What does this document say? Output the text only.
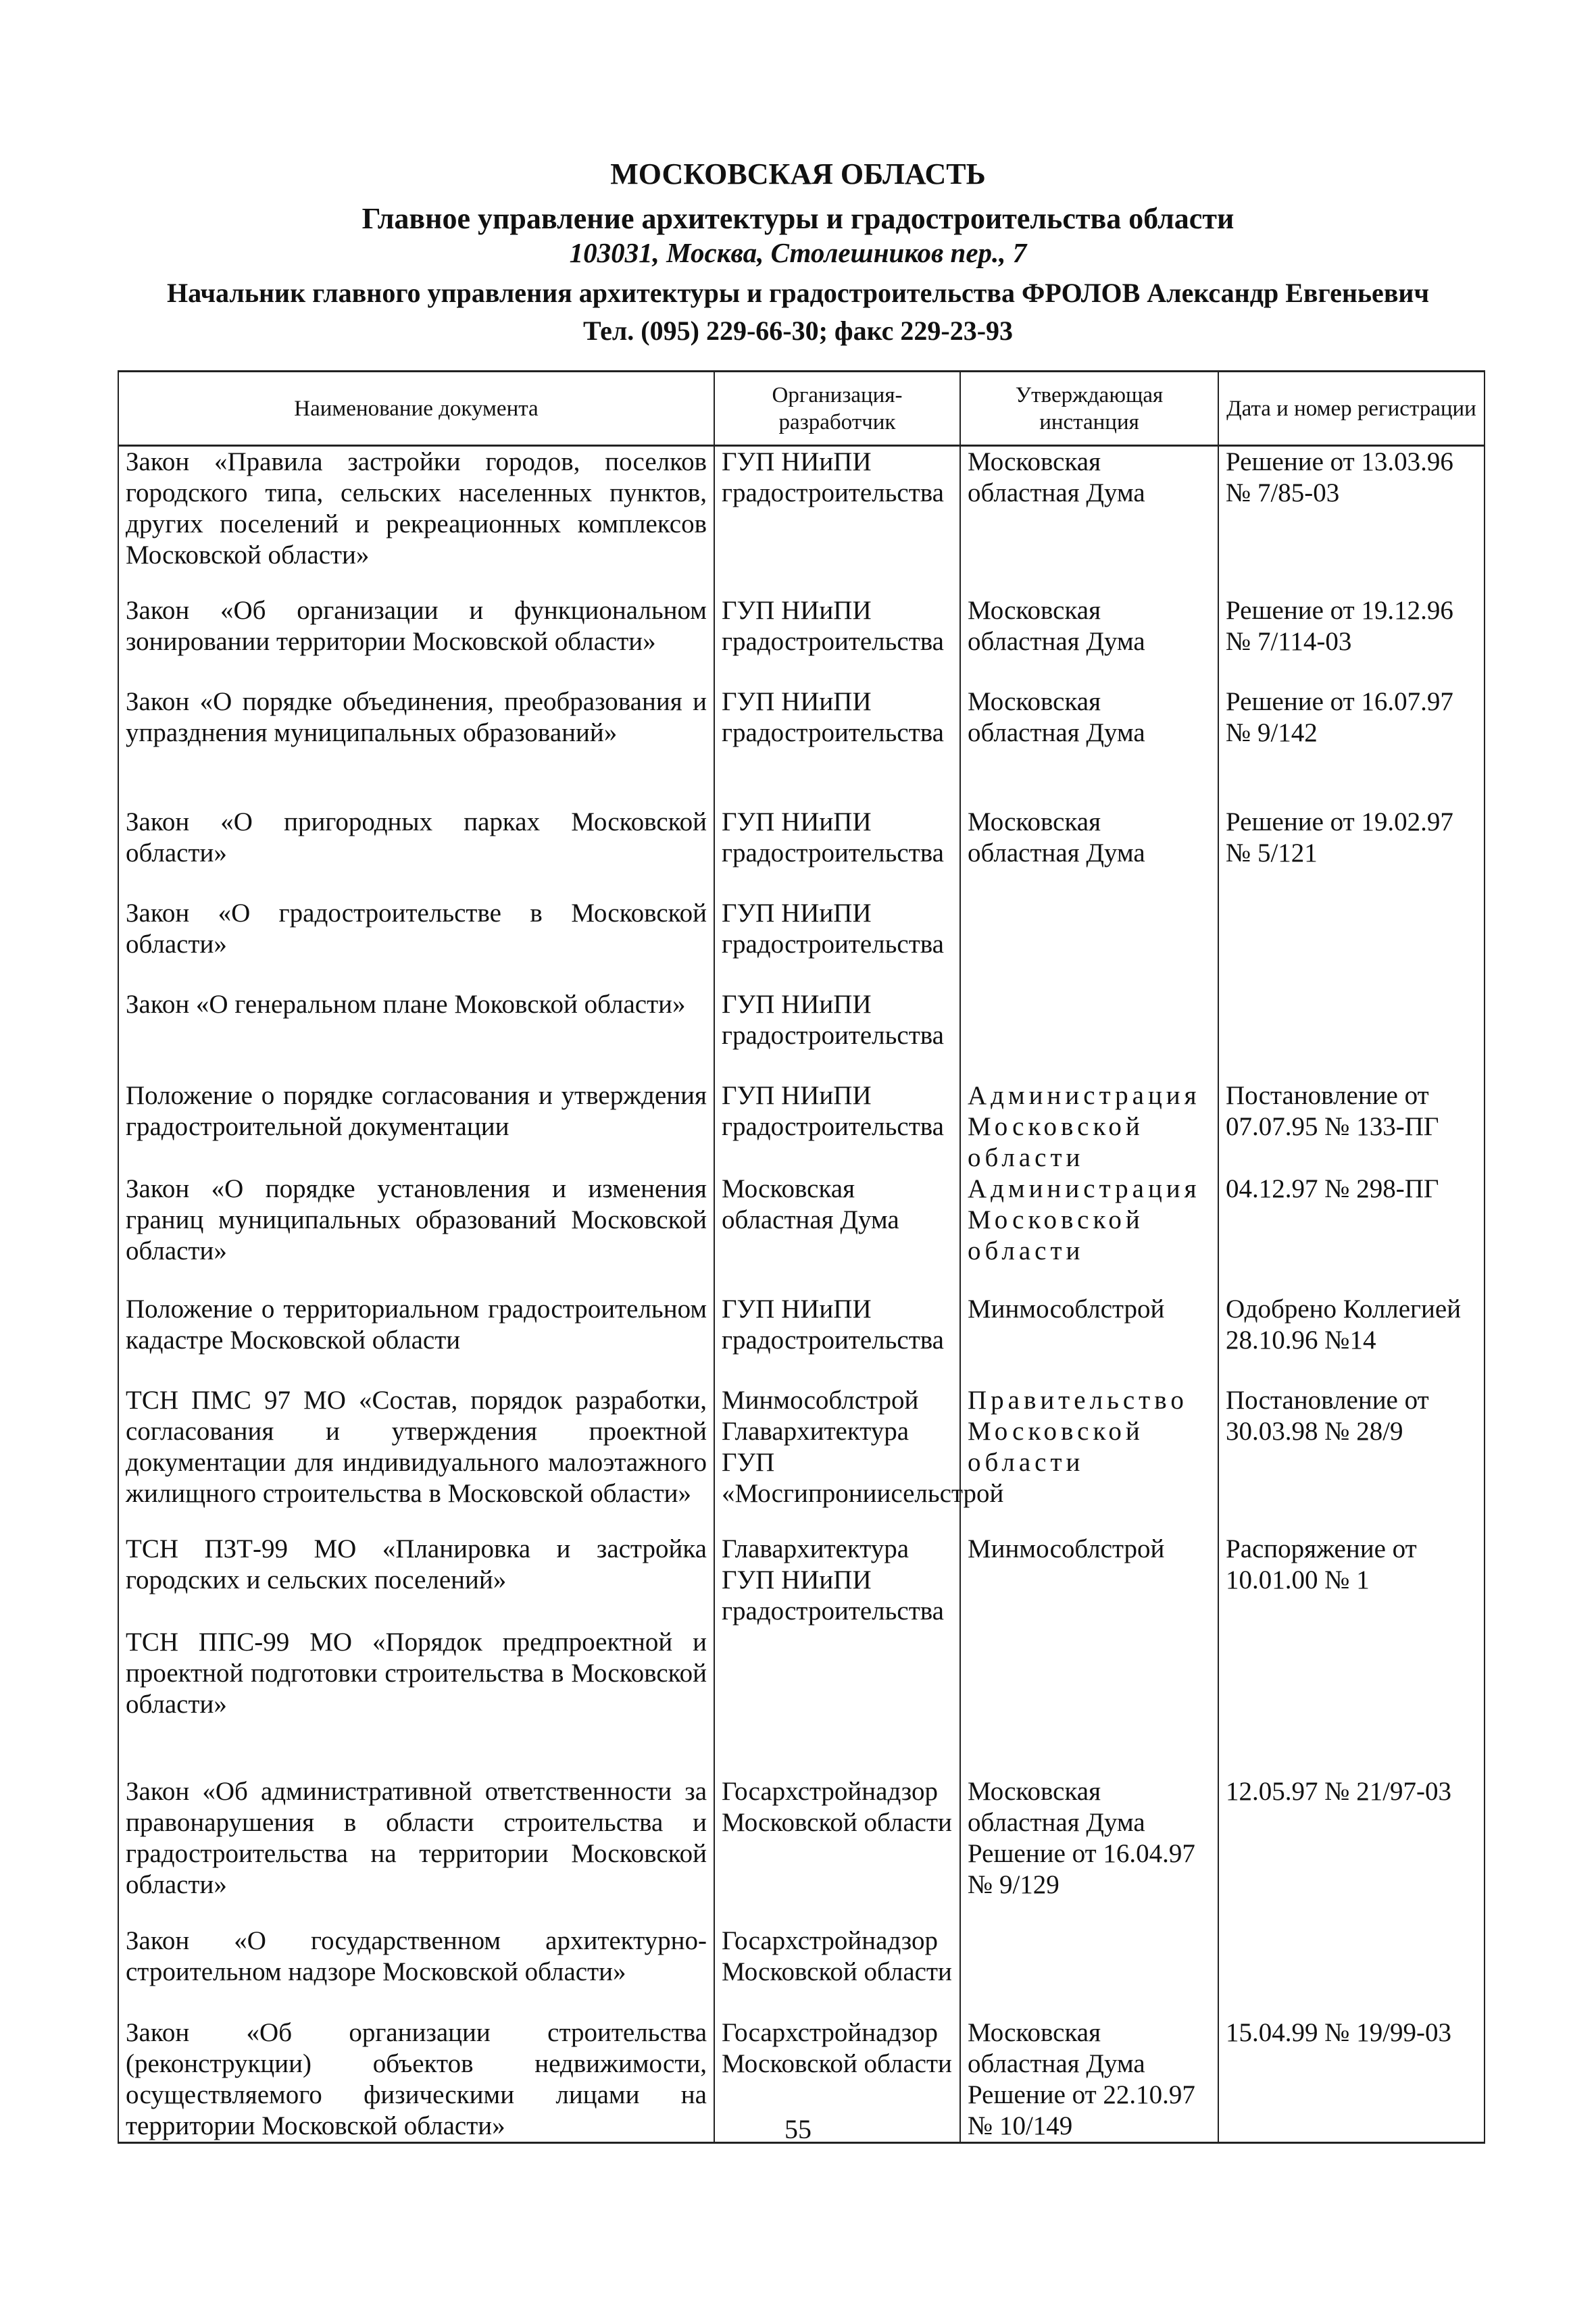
МОСКОВСКАЯ ОБЛАСТЬ
Главное управление архитектуры и градостроительства области
103031, Москва, Столешников пер., 7
Начальник главного управления архитектуры и градостроительства ФРОЛОВ Александр Евгеньевич
Тел. (095) 229-66-30; факс 229-23-93
Наименование документа	Организация-разработчик	Утверждающая инстанция	Дата и номер регистрации
Закон «Правила застройки городов, поселков городского типа, сельских населенных пунктов, других поселений и рекреационных комплексов Московской области»	ГУП НИиПИ градостроительства	Московская областная Дума	Решение от 13.03.96 № 7/85-03
Закон «Об организации и функциональном зонировании территории Московской области»	ГУП НИиПИ градостроительства	Московская областная Дума	Решение от 19.12.96 № 7/114-03
Закон «О порядке объединения, преобразования и упразднения муниципальных образований»	ГУП НИиПИ градостроительства	Московская областная Дума	Решение от 16.07.97 № 9/142
Закон «О пригородных парках Московской области»	ГУП НИиПИ градостроительства	Московская областная Дума	Решение от 19.02.97 № 5/121
Закон «О градостроительстве в Московской области»	ГУП НИиПИ градостроительства		
Закон «О генеральном плане Моковской области»	ГУП НИиПИ градостроительства		
Положение о порядке согласования и утверждения градостроительной документации	ГУП НИиПИ градостроительства	Администрация Московской области	Постановление от 07.07.95 № 133-ПГ
Закон «О порядке установления и изменения границ муниципальных образований Московской области»	Московская областная Дума	Администрация Московской области	04.12.97 № 298-ПГ
Положение о территориальном градостроительном кадастре Московской области	ГУП НИиПИ градостроительства	Минмособлстрой	Одобрено Коллегией 28.10.96 №14
ТСН ПМС 97 МО «Состав, порядок разработки, согласования и утверждения проектной документации для индивидуального малоэтажного жилищного строительства в Московской области»	Минмособлстрой Главархитектура ГУП «Мосгипрониисельстрой	Правительство Московской области	Постановление от 30.03.98 № 28/9
ТСН ПЗТ-99 МО «Планировка и застройка городских и сельских поселений»	Главархитектура ГУП НИиПИ градостроительства	Минмособлстрой	Распоряжение от 10.01.00 № 1
ТСН ППС-99 МО «Порядок предпроектной и проектной подготовки строительства в Московской области»			
Закон «Об административной ответственности за правонарушения в области строительства и градостроительства на территории Московской области»	Госархстройнадзор Московской области	Московская областная Дума Решение от 16.04.97 № 9/129	12.05.97 № 21/97-03
Закон «О государственном архитектурно-строительном надзоре Московской области»	Госархстройнадзор Московской области		
Закон «Об организации строительства (реконструкции) объектов недвижимости, осуществляемого физическими лицами на территории Московской области»	Госархстройнадзор Московской области	Московская областная Дума Решение от 22.10.97 № 10/149	15.04.99 № 19/99-03
55
